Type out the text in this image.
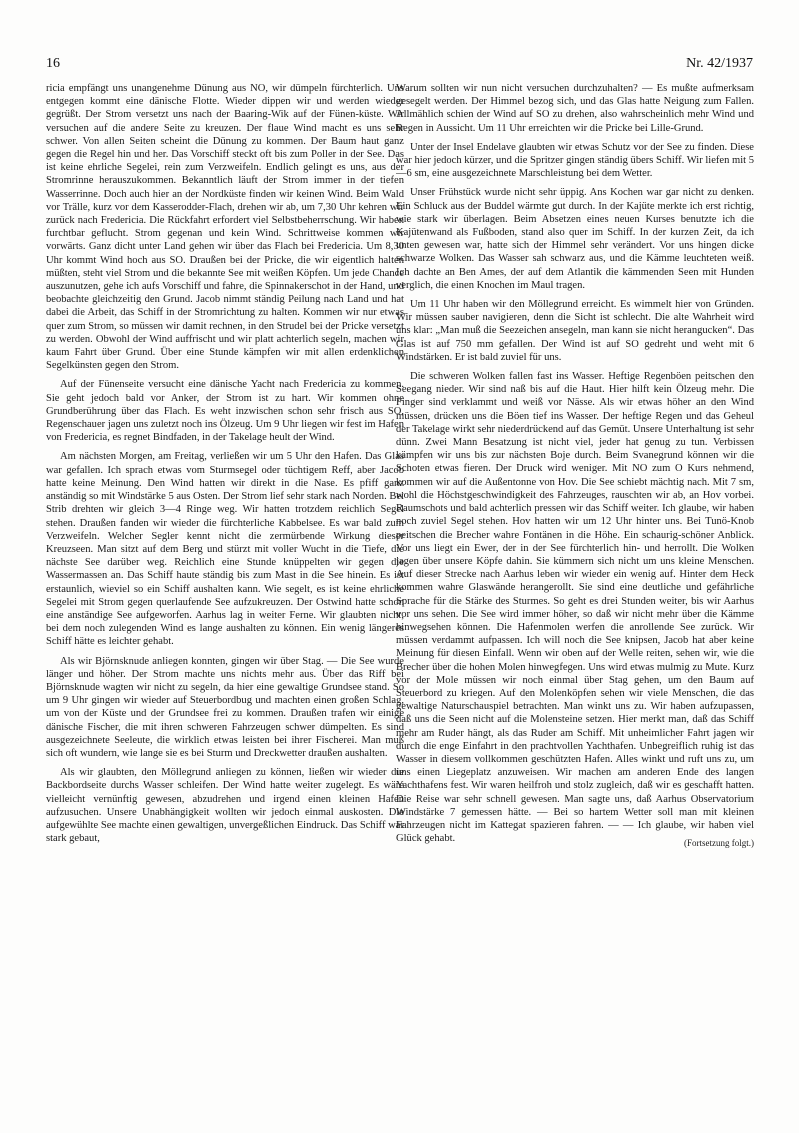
16	Nr. 42/1937

ricia empfängt uns unangenehme Dünung aus NO, wir dümpeln fürchterlich. Uns entgegen kommt eine dänische Flotte. Wieder dippen wir und werden wieder gegrüßt. Der Strom versetzt uns nach der Baaring-Wik auf der Fünen-küste. Wir versuchen auf die andere Seite zu kreuzen. Der flaue Wind macht es uns sehr schwer. Von allen Seiten scheint die Dünung zu kommen. Der Baum haut ganz gegen die Regel hin und her. Das Vorschiff steckt oft bis zum Poller in der See. Das ist keine ehrliche Segelei, rein zum Verzweifeln. Endlich gelingt es uns, aus der Stromrinne herauszukommen. Bekanntlich läuft der Strom immer in der tiefen Wasserrinne. Doch auch hier an der Nordküste finden wir keinen Wind. Beim Wald vor Trälle, kurz vor dem Kasserodder-Flach, drehen wir ab, um 7,30 Uhr kehren wir zurück nach Fredericia. Die Rückfahrt erfordert viel Selbstbeherrschung. Wir haben furchtbar geflucht. Strom gegenan und kein Wind. Schrittweise kommen wir vorwärts. Ganz dicht unter Land gehen wir über das Flach bei Fredericia. Um 8,30 Uhr kommt Wind hoch aus SO. Draußen bei der Pricke, die wir eigentlich halten müßten, steht viel Strom und die bekannte See mit weißen Köpfen. Um jede Chance auszunutzen, gehe ich aufs Vorschiff und fahre, die Spinnakerschot in der Hand, und beobachte gleichzeitig den Grund. Jacob nimmt ständig Peilung nach Land und hat dabei die Arbeit, das Schiff in der Stromrichtung zu halten. Kommen wir nur etwas quer zum Strom, so müssen wir damit rechnen, in den Strudel bei der Pricke versetzt zu werden. Obwohl der Wind auffrischt und wir platt achterlich segeln, machen wir kaum Fahrt über Grund. Über eine Stunde kämpfen wir mit allen erdenklichen Segelkünsten gegen den Strom.

Auf der Fünenseite versucht eine dänische Yacht nach Fredericia zu kommen. Sie geht jedoch bald vor Anker, der Strom ist zu hart. Wir kommen ohne Grundberührung über das Flach. Es weht inzwischen schon sehr frisch aus SO, Regenschauer jagen uns zuletzt noch ins Ölzeug. Um 9 Uhr liegen wir fest im Hafen von Fredericia, es regnet Bindfaden, in der Takelage heult der Wind.

Am nächsten Morgen, am Freitag, verließen wir um 5 Uhr den Hafen. Das Glas war gefallen. Ich sprach etwas vom Sturmsegel oder tüchtigem Reff, aber Jacob hatte keine Meinung. Den Wind hatten wir direkt in die Nase. Es pfiff ganz anständig so mit Windstärke 5 aus Osten. Der Strom lief sehr stark nach Norden. Bei Strib drehten wir gleich 3—4 Ringe weg. Wir hatten trotzdem reichlich Segel stehen. Draußen fanden wir wieder die fürchterliche Kabbelsee. Es war bald zum Verzweifeln. Welcher Segler kennt nicht die zermürbende Wirkung dieser Kreuzseen. Man sitzt auf dem Berg und stürzt mit voller Wucht in die Tiefe, die nächste See darüber weg. Reichlich eine Stunde knüppelten wir gegen die Wassermassen an. Das Schiff haute ständig bis zum Mast in die See hinein. Es ist erstaunlich, wieviel so ein Schiff aushalten kann. Wie segelt, es ist keine ehrliche Segelei mit Strom gegen querlaufende See aufzukreuzen. Der Ostwind hatte schon eine anständige See aufgeworfen. Aarhus lag in weiter Ferne. Wir glaubten nicht, bei dem noch zulegenden Wind es lange aushalten zu können. Ein wenig längeres Schiff hätte es leichter gehabt.

Als wir Björnsknude anliegen konnten, gingen wir über Stag. — Die See wurde länger und höher. Der Strom machte uns nichts mehr aus. Über das Riff bei Björnsknude wagten wir nicht zu segeln, da hier eine gewaltige Grundsee stand. So um 9 Uhr gingen wir wieder auf Steuerbordbug und machten einen großen Schlag, um von der Küste und der Grundsee frei zu kommen. Draußen trafen wir einige dänische Fischer, die mit ihren schweren Fahrzeugen schwer dümpelten. Es sind ausgezeichnete Seeleute, die wirklich etwas leisten bei ihrer Fischerei. Man muß sich oft wundern, wie lange sie es bei Sturm und Dreckwetter draußen aushalten.

Als wir glaubten, den Möllegrund anliegen zu können, ließen wir wieder die Backbordseite durchs Wasser schleifen. Der Wind hatte weiter zugelegt. Es wäre vielleicht vernünftig gewesen, abzudrehen und irgend einen kleinen Hafen aufzusuchen. Unsere Unabhängigkeit wollten wir jedoch einmal auskosten. Die aufgewühlte See machte einen gewaltigen, unvergeßlichen Eindruck. Das Schiff war stark gebaut,

Warum sollten wir nun nicht versuchen durchzuhalten? — Es mußte aufmerksam gesegelt werden. Der Himmel bezog sich, und das Glas hatte Neigung zum Fallen. Allmählich schien der Wind auf SO zu drehen, also wahrscheinlich mehr Wind und Regen in Aussicht. Um 11 Uhr erreichten wir die Pricke bei Lille-Grund.

Unter der Insel Endelave glaubten wir etwas Schutz vor der See zu finden. Diese war hier jedoch kürzer, und die Spritzer gingen ständig übers Schiff. Wir liefen mit 5—6 sm, eine ausgezeichnete Marschleistung bei dem Wetter.

Unser Frühstück wurde nicht sehr üppig. Ans Kochen war gar nicht zu denken. Ein Schluck aus der Buddel wärmte gut durch. In der Kajüte merkte ich erst richtig, wie stark wir überlagen. Beim Absetzen eines neuen Kurses benutzte ich die Kajütenwand als Fußboden, stand also quer im Schiff. In der kurzen Zeit, da ich unten gewesen war, hatte sich der Himmel sehr verändert. Vor uns hingen dicke schwarze Wolken. Das Wasser sah schwarz aus, und die Kämme leuchteten weiß. Ich dachte an Ben Ames, der auf dem Atlantik die kämmenden Seen mit Hunden verglich, die einen Knochen im Maul tragen.

Um 11 Uhr haben wir den Möllegrund erreicht. Es wimmelt hier von Gründen. Wir müssen sauber navigieren, denn die Sicht ist schlecht. Die alte Wahrheit wird uns klar: „Man muß die Seezeichen ansegeln, man kann sie nicht herangucken“. Das Glas ist auf 750 mm gefallen. Der Wind ist auf SO gedreht und weht mit 6 Windstärken. Er ist bald zuviel für uns.

Die schweren Wolken fallen fast ins Wasser. Heftige Regenböen peitschen den Seegang nieder. Wir sind naß bis auf die Haut. Hier hilft kein Ölzeug mehr. Die Finger sind verklammt und weiß vor Nässe. Als wir etwas höher an den Wind müssen, drücken uns die Böen tief ins Wasser. Der heftige Regen und das Geheul der Takelage wirkt sehr niederdrückend auf das Gemüt. Unsere Unterhaltung ist sehr dünn. Zwei Mann Besatzung ist nicht viel, jeder hat genug zu tun. Verbissen kämpfen wir uns bis zur nächsten Boje durch. Beim Svanegrund können wir die Schoten etwas fieren. Der Druck wird weniger. Mit NO zum O Kurs nehmend, kommen wir auf die Außentonne von Hov. Die See schiebt mächtig nach. Mit 7 sm, wohl die Höchstgeschwindigkeit des Fahrzeuges, rauschten wir ab, an Hov vorbei. Raumschots und bald achterlich pressen wir das Schiff weiter. Ich glaube, wir haben noch zuviel Segel stehen. Hov hatten wir um 12 Uhr hinter uns. Bei Tunö-Knob peitschen die Brecher wahre Fontänen in die Höhe. Ein schaurig-schöner Anblick. Vor uns liegt ein Ewer, der in der See fürchterlich hin- und herrollt. Die Wolken jagen über unsere Köpfe dahin. Sie kümmern sich nicht um uns kleine Menschen. Auf dieser Strecke nach Aarhus leben wir wieder ein wenig auf. Hinter dem Heck kommen wahre Glaswände herangerollt. Sie sind eine deutliche und gefährliche Sprache für die Stärke des Sturmes. So geht es drei Stunden weiter, bis wir Aarhus vor uns sehen. Die See wird immer höher, so daß wir nicht mehr über die Kämme hinwegsehen können. Die Hafenmolen werfen die anrollende See zurück. Wir müssen verdammt aufpassen. Ich will noch die See knipsen, Jacob hat aber keine Meinung für diesen Einfall. Wenn wir oben auf der Welle reiten, sehen wir, wie die Brecher über die hohen Molen hinwegfegen. Uns wird etwas mulmig zu Mute. Kurz vor der Mole müssen wir noch einmal über Stag gehen, um den Baum auf Steuerbord zu kriegen. Auf den Molenköpfen sehen wir viele Menschen, die das gewaltige Naturschauspiel betrachten. Man winkt uns zu. Wir haben aufzupassen, daß uns die Seen nicht auf die Molensteine setzen. Hier merkt man, daß das Schiff mehr am Ruder hängt, als das Ruder am Schiff. Mit unheimlicher Fahrt jagen wir durch die enge Einfahrt in den prachtvollen Yachthafen. Unbegreiflich ruhig ist das Wasser in diesem vollkommen geschützten Hafen. Alles winkt und ruft uns zu, um uns einen Liegeplatz anzuweisen. Wir machen am anderen Ende des langen Yachthafens fest. Wir waren heilfroh und stolz zugleich, daß wir es geschafft hatten. Die Reise war sehr schnell gewesen. Man sagte uns, daß Aarhus Observatorium Windstärke 7 gemessen hätte. — Bei so hartem Wetter soll man mit kleinen Fahrzeugen nicht im Kattegat spazieren fahren. — — Ich glaube, wir haben viel Glück gehabt.	(Fortsetzung folgt.)
